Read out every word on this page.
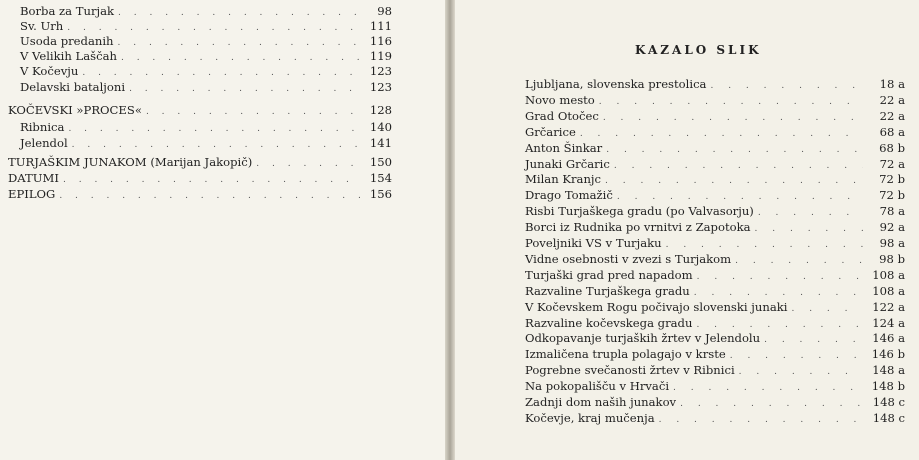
Borba za Turjak . . .	98
Sv. Urh . . .	111
Usoda predanih . . .	116
V Velikih Laščah . . .	119
V Kočevju . . .	123
Delavski bataljoni . . .	123
KOČEVSKI »PROCES« . . .	128
Ribnica . . .	140
Jelendol . . .	141
TURJAŠKIM JUNAKOM (Marijan Jakopič) . . .	150
DATUMI . . .	154
EPILOG . . .	156
KAZALO SLIK
Ljubljana, slovenska prestolica . . .	18 a
Novo mesto . . .	22 a
Grad Otočec . . .	22 a
Grčarice . . .	68 a
Anton Šinkar . . .	68 b
Junaki Grčaric . . .	72 a
Milan Kranjc . . .	72 b
Drago Tomažič . . .	72 b
Risbi Turjaškega gradu (po Valvasorju) . . .	78 a
Borci iz Rudnika po vrnitvi z Zapotoka . . .	92 a
Poveljniki VS v Turjaku . . .	98 a
Vidne osebnosti v zvezi s Turjakom . . .	98 b
Turjaški grad pred napadom . . .	108 a
Razvaline Turjaškega gradu . . .	108 a
V Kočevskem Rogu počivajo slovenski junaki . . .	122 a
Razvaline kočevskega gradu . . .	124 a
Odkopavanje turjaških žrtev v Jelendolu . . .	146 a
Izmaličena trupla polagajo v krste . . .	146 b
Pogrebne svečanosti žrtev v Ribnici . . .	148 a
Na pokopališču v Hrvači . . .	148 b
Zadnji dom naših junakov . . .	148 c
Kočevje, kraj mučenja . . .	148 c
